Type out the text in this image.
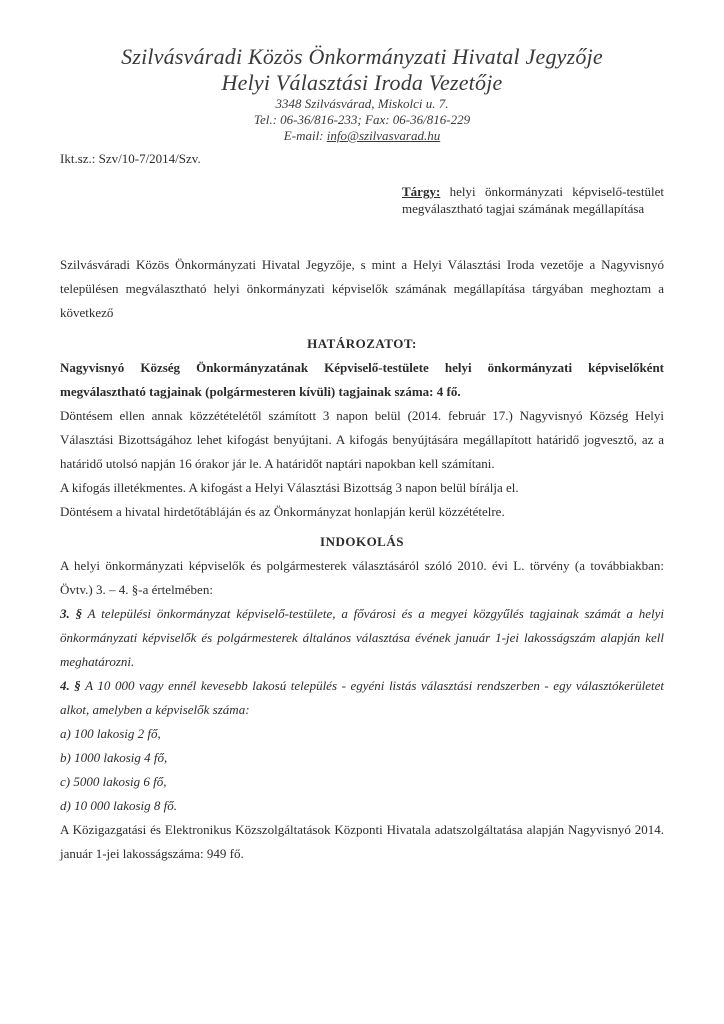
Szilvásváradi Közös Önkormányzati Hivatal Jegyzője
Helyi Választási Iroda Vezetője
3348 Szilvásvárad, Miskolci u. 7.
Tel.: 06-36/816-233; Fax: 06-36/816-229
E-mail: info@szilvasvarad.hu
Ikt.sz.: Szv/10-7/2014/Szv.
Tárgy: helyi önkormányzati képviselő-testület megválasztható tagjai számának megállapítása

Szilvásváradi Közös Önkormányzati Hivatal Jegyzője, s mint a Helyi Választási Iroda vezetője a Nagyvisnyó településen megválasztható helyi önkormányzati képviselők számának megállapítása tárgyában meghoztam a következő

HATÁROZATOT:

Nagyvisnyó Község Önkormányzatának Képviselő-testülete helyi önkormányzati képviselőként megválasztható tagjainak (polgármesteren kívüli) tagjainak száma: 4 fő.

Döntésem ellen annak közzétételétől számított 3 napon belül (2014. február 17.) Nagyvisnyó Község Helyi Választási Bizottságához lehet kifogást benyújtani. A kifogás benyújtására megállapított határidő jogvesztő, az a határidő utolsó napján 16 órakor jár le. A határidőt naptári napokban kell számítani.

A kifogás illetékmentes. A kifogást a Helyi Választási Bizottság 3 napon belül bírálja el.

Döntésem a hivatal hirdetőtábláján és az Önkormányzat honlapján kerül közzétételre.

INDOKOLÁS

A helyi önkormányzati képviselők és polgármesterek választásáról szóló 2010. évi L. törvény (a továbbiakban: Övtv.) 3. – 4. §-a értelmében:

3. § A települési önkormányzat képviselő-testülete, a fővárosi és a megyei közgyűlés tagjainak számát a helyi önkormányzati képviselők és polgármesterek általános választása évének január 1-jei lakosságszám alapján kell meghatározni.

4. § A 10 000 vagy ennél kevesebb lakosú település - egyéni listás választási rendszerben - egy választókerületet alkot, amelyben a képviselők száma:

a) 100 lakosig 2 fő,

b) 1000 lakosig 4 fő,

c) 5000 lakosig 6 fő,

d) 10 000 lakosig 8 fő.

A Közigazgatási és Elektronikus Közszolgáltatások Központi Hivatala adatszolgáltatása alapján Nagyvisnyó 2014. január 1-jei lakosságszáma: 949 fő.
